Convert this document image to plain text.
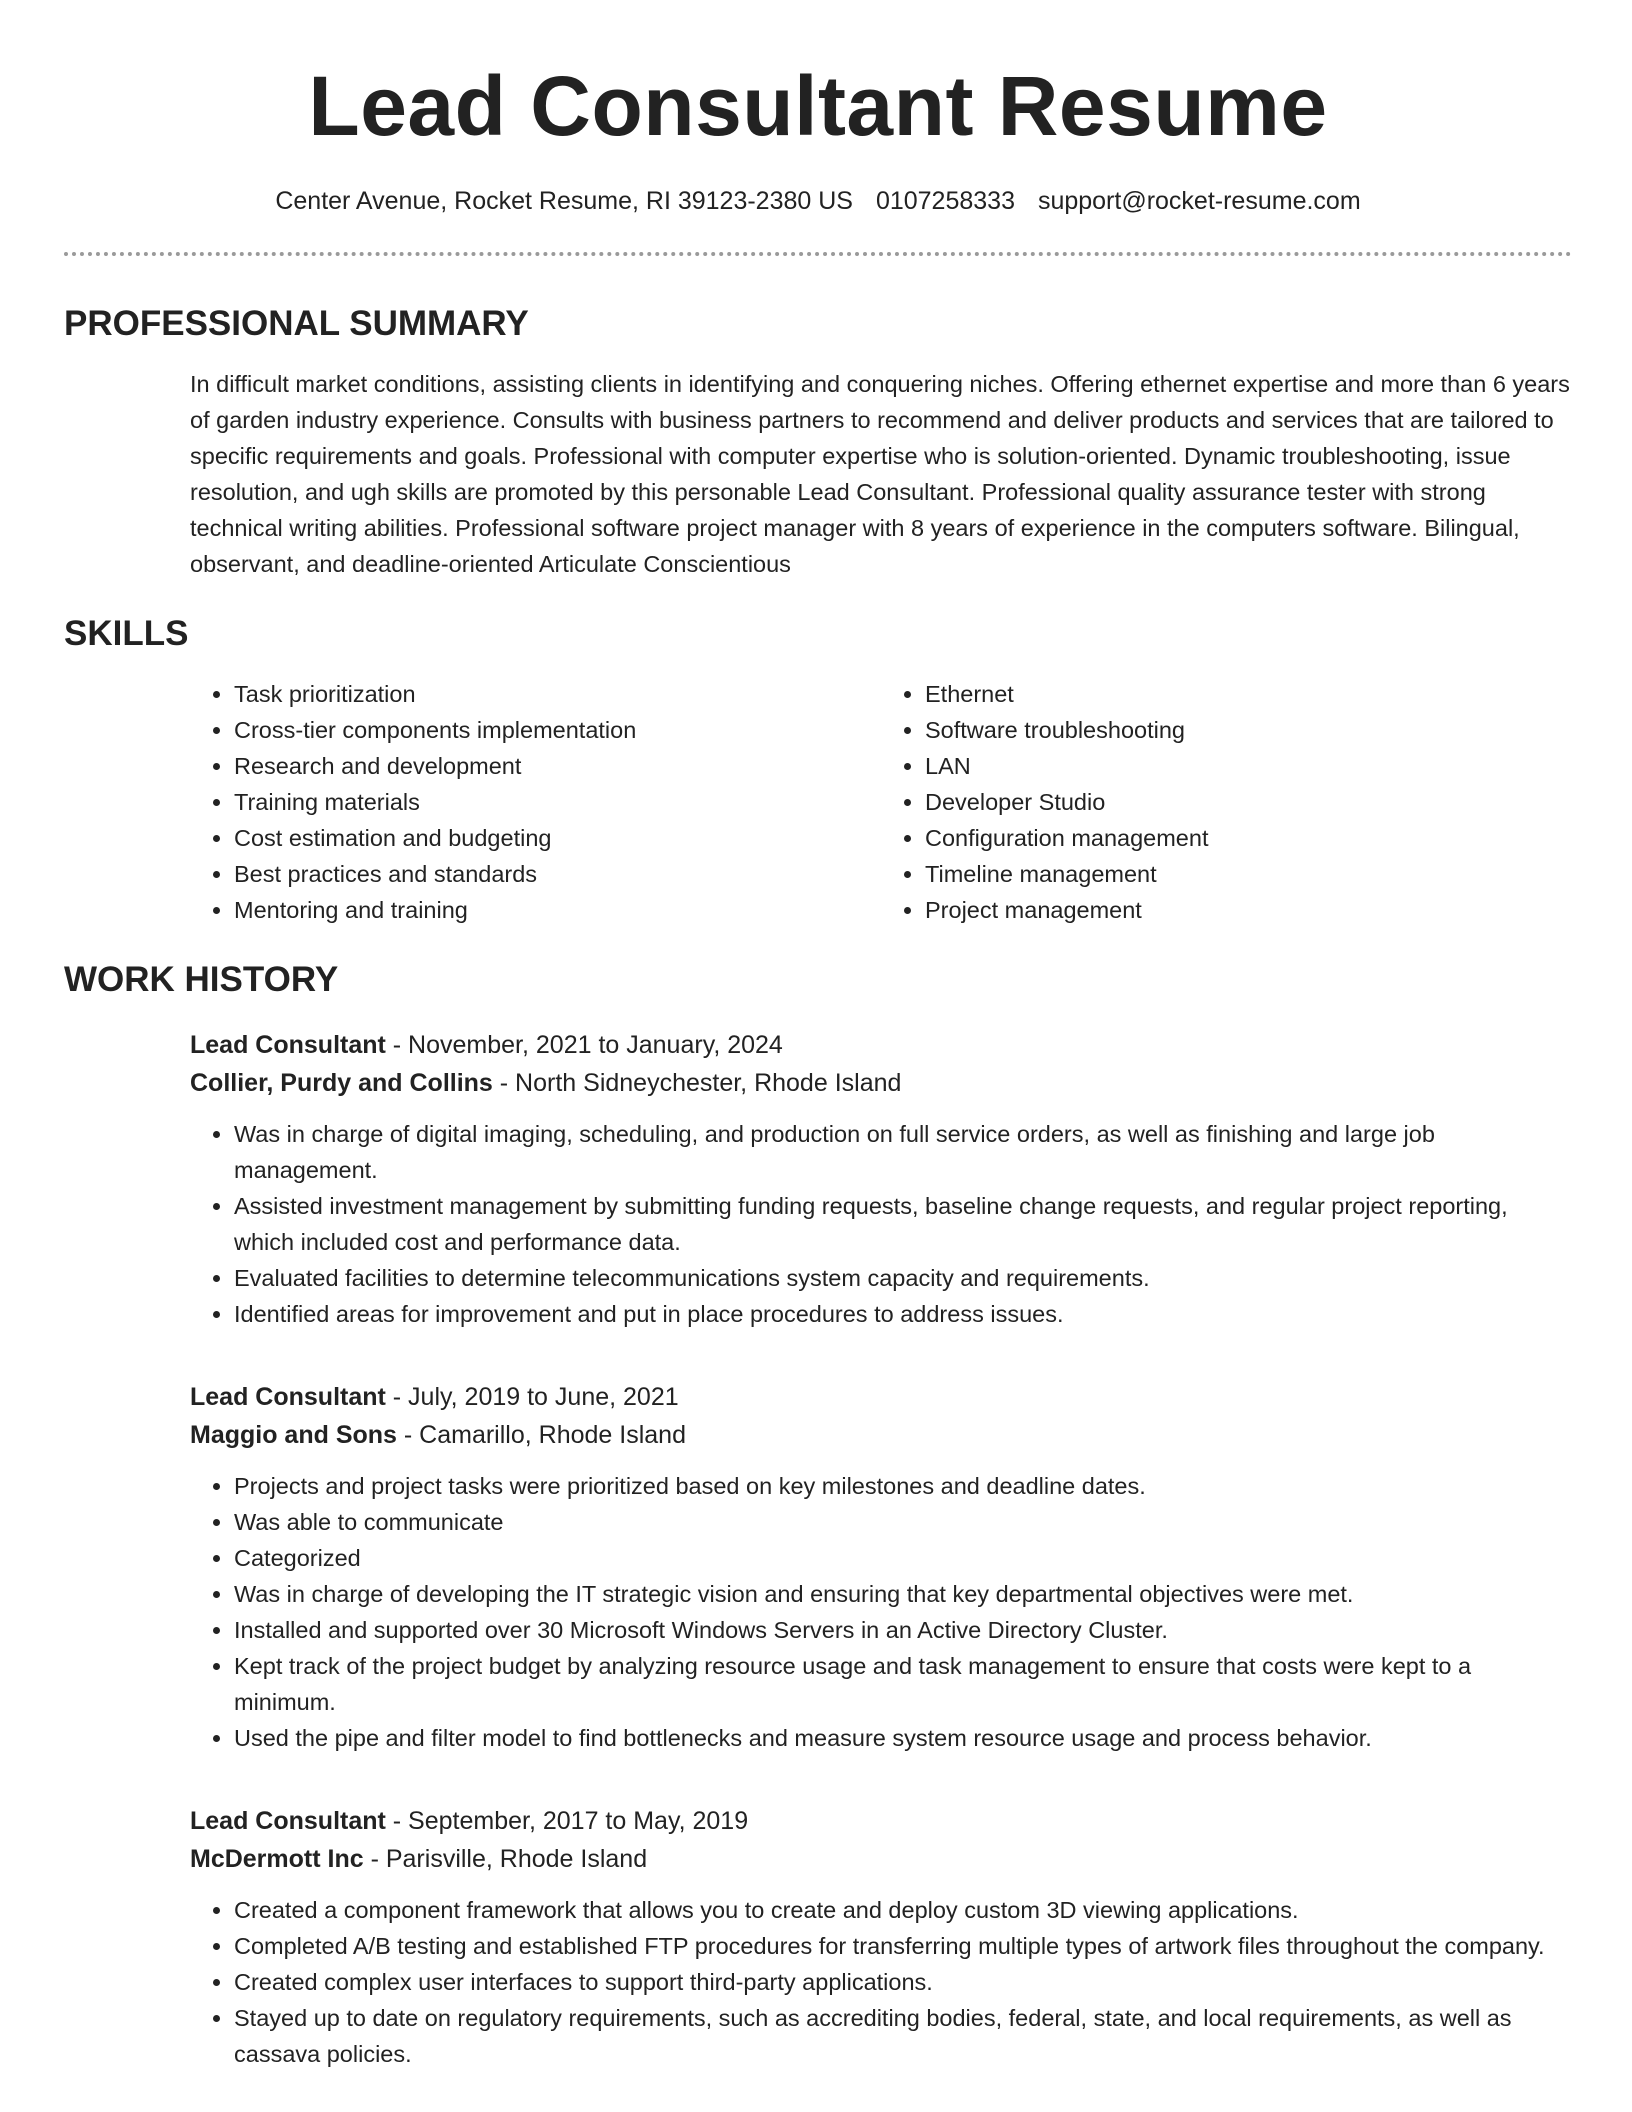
Lead Consultant Resume
Center Avenue, Rocket Resume, RI 39123-2380 US 0107258333 support@rocket-resume.com
PROFESSIONAL SUMMARY

In difficult market conditions, assisting clients in identifying and conquering niches. Offering ethernet expertise and more than 6 years of garden industry experience. Consults with business partners to recommend and deliver products and services that are tailored to specific requirements and goals. Professional with computer expertise who is solution-oriented. Dynamic troubleshooting, issue resolution, and ugh skills are promoted by this personable Lead Consultant. Professional quality assurance tester with strong technical writing abilities. Professional software project manager with 8 years of experience in the computers software. Bilingual, observant, and deadline-oriented Articulate Conscientious

SKILLS
• Task prioritization
• Cross-tier components implementation
• Research and development
• Training materials
• Cost estimation and budgeting
• Best practices and standards
• Mentoring and training
• Ethernet
• Software troubleshooting
• LAN
• Developer Studio
• Configuration management
• Timeline management
• Project management
WORK HISTORY
Lead Consultant - November, 2021 to January, 2024
Collier, Purdy and Collins - North Sidneychester, Rhode Island
• Was in charge of digital imaging, scheduling, and production on full service orders, as well as finishing and large job management.
• Assisted investment management by submitting funding requests, baseline change requests, and regular project reporting, which included cost and performance data.
• Evaluated facilities to determine telecommunications system capacity and requirements.
• Identified areas for improvement and put in place procedures to address issues.
Lead Consultant - July, 2019 to June, 2021
Maggio and Sons - Camarillo, Rhode Island
• Projects and project tasks were prioritized based on key milestones and deadline dates.
• Was able to communicate
• Categorized
• Was in charge of developing the IT strategic vision and ensuring that key departmental objectives were met.
• Installed and supported over 30 Microsoft Windows Servers in an Active Directory Cluster.
• Kept track of the project budget by analyzing resource usage and task management to ensure that costs were kept to a minimum.
• Used the pipe and filter model to find bottlenecks and measure system resource usage and process behavior.
Lead Consultant - September, 2017 to May, 2019
McDermott Inc - Parisville, Rhode Island
• Created a component framework that allows you to create and deploy custom 3D viewing applications.
• Completed A/B testing and established FTP procedures for transferring multiple types of artwork files throughout the company.
• Created complex user interfaces to support third-party applications.
• Stayed up to date on regulatory requirements, such as accrediting bodies, federal, state, and local requirements, as well as cassava policies.
